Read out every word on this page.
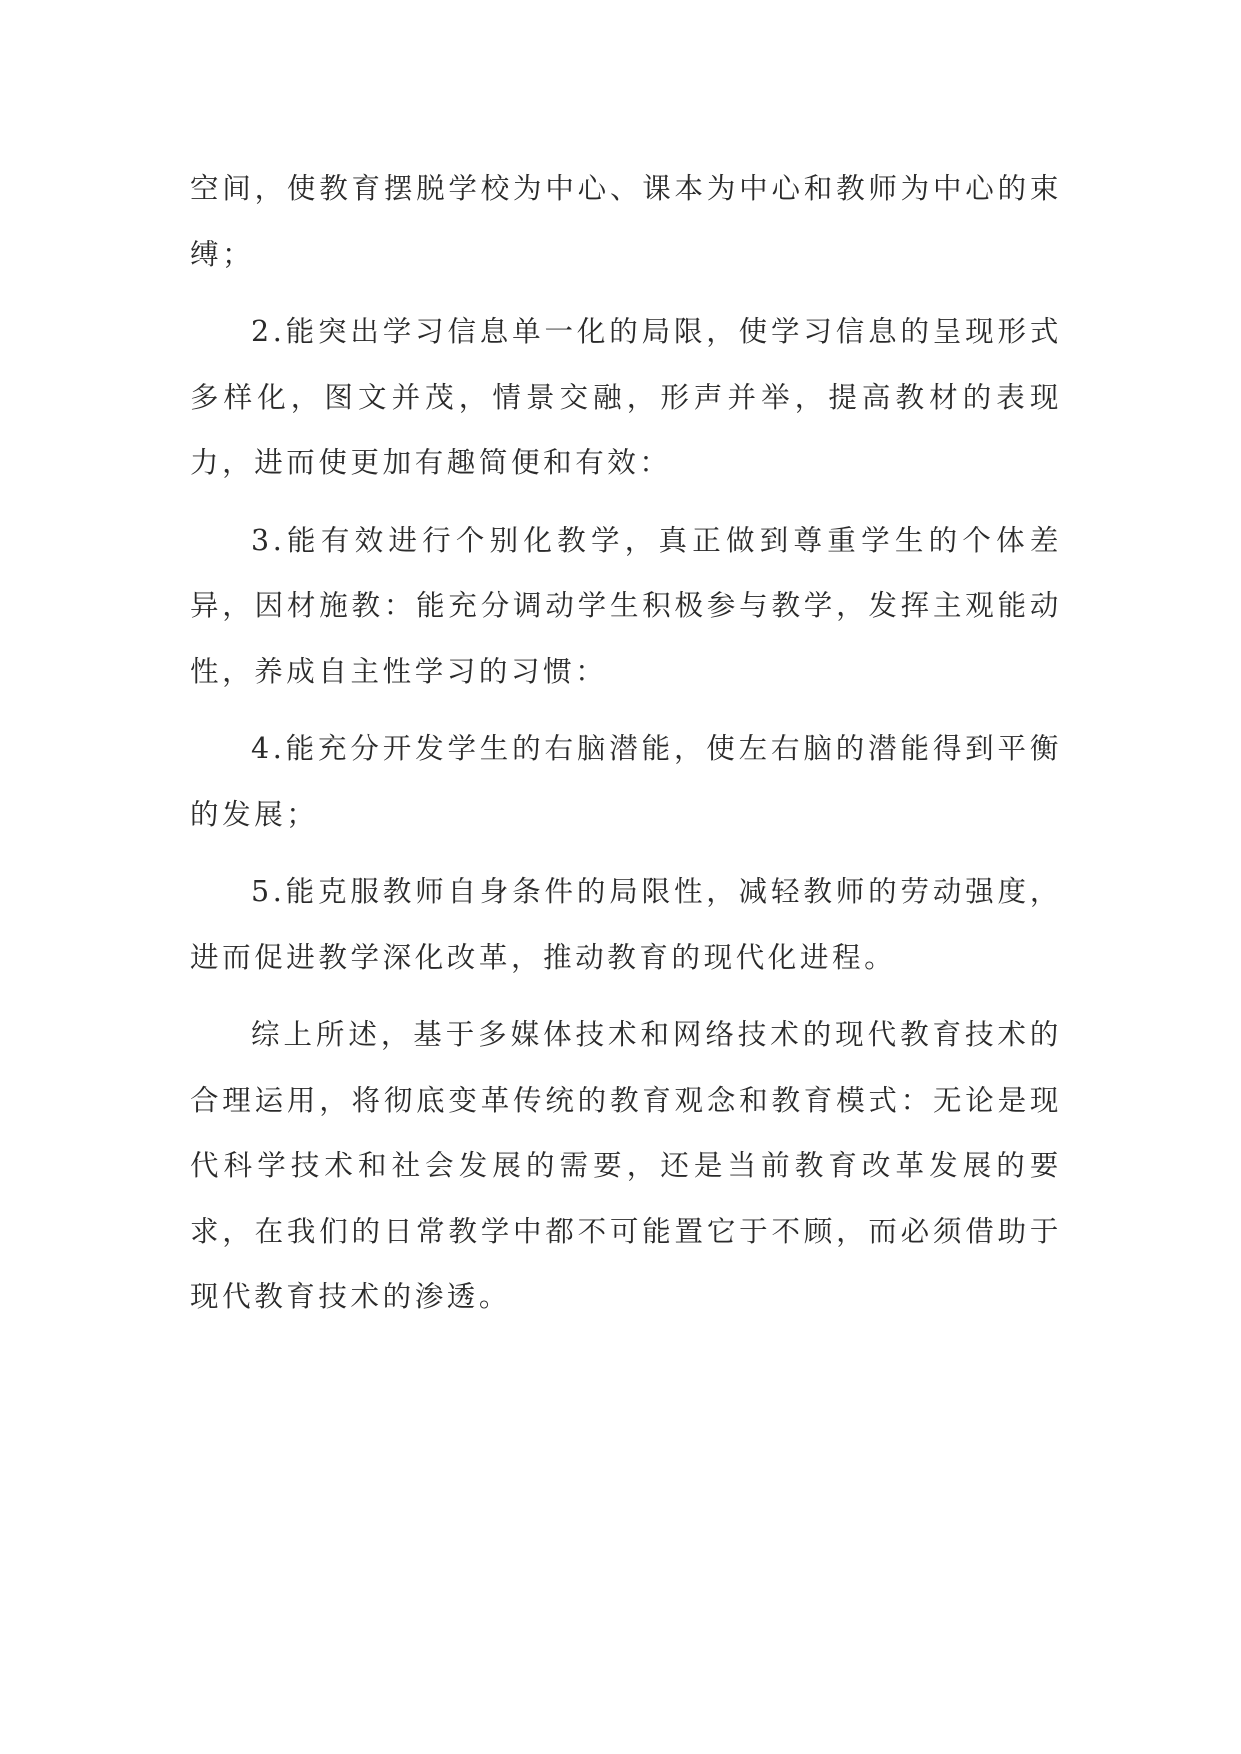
空间，使教育摆脱学校为中心、课本为中心和教师为中心的束缚；

2.能突出学习信息单一化的局限，使学习信息的呈现形式多样化，图文并茂，情景交融，形声并举，提高教材的表现力，进而使更加有趣简便和有效：

3.能有效进行个别化教学，真正做到尊重学生的个体差异，因材施教：能充分调动学生积极参与教学，发挥主观能动性，养成自主性学习的习惯：

4.能充分开发学生的右脑潜能，使左右脑的潜能得到平衡的发展；

5.能克服教师自身条件的局限性，减轻教师的劳动强度，进而促进教学深化改革，推动教育的现代化进程。

综上所述，基于多媒体技术和网络技术的现代教育技术的合理运用，将彻底变革传统的教育观念和教育模式：无论是现代科学技术和社会发展的需要，还是当前教育改革发展的要求，在我们的日常教学中都不可能置它于不顾，而必须借助于现代教育技术的渗透。
